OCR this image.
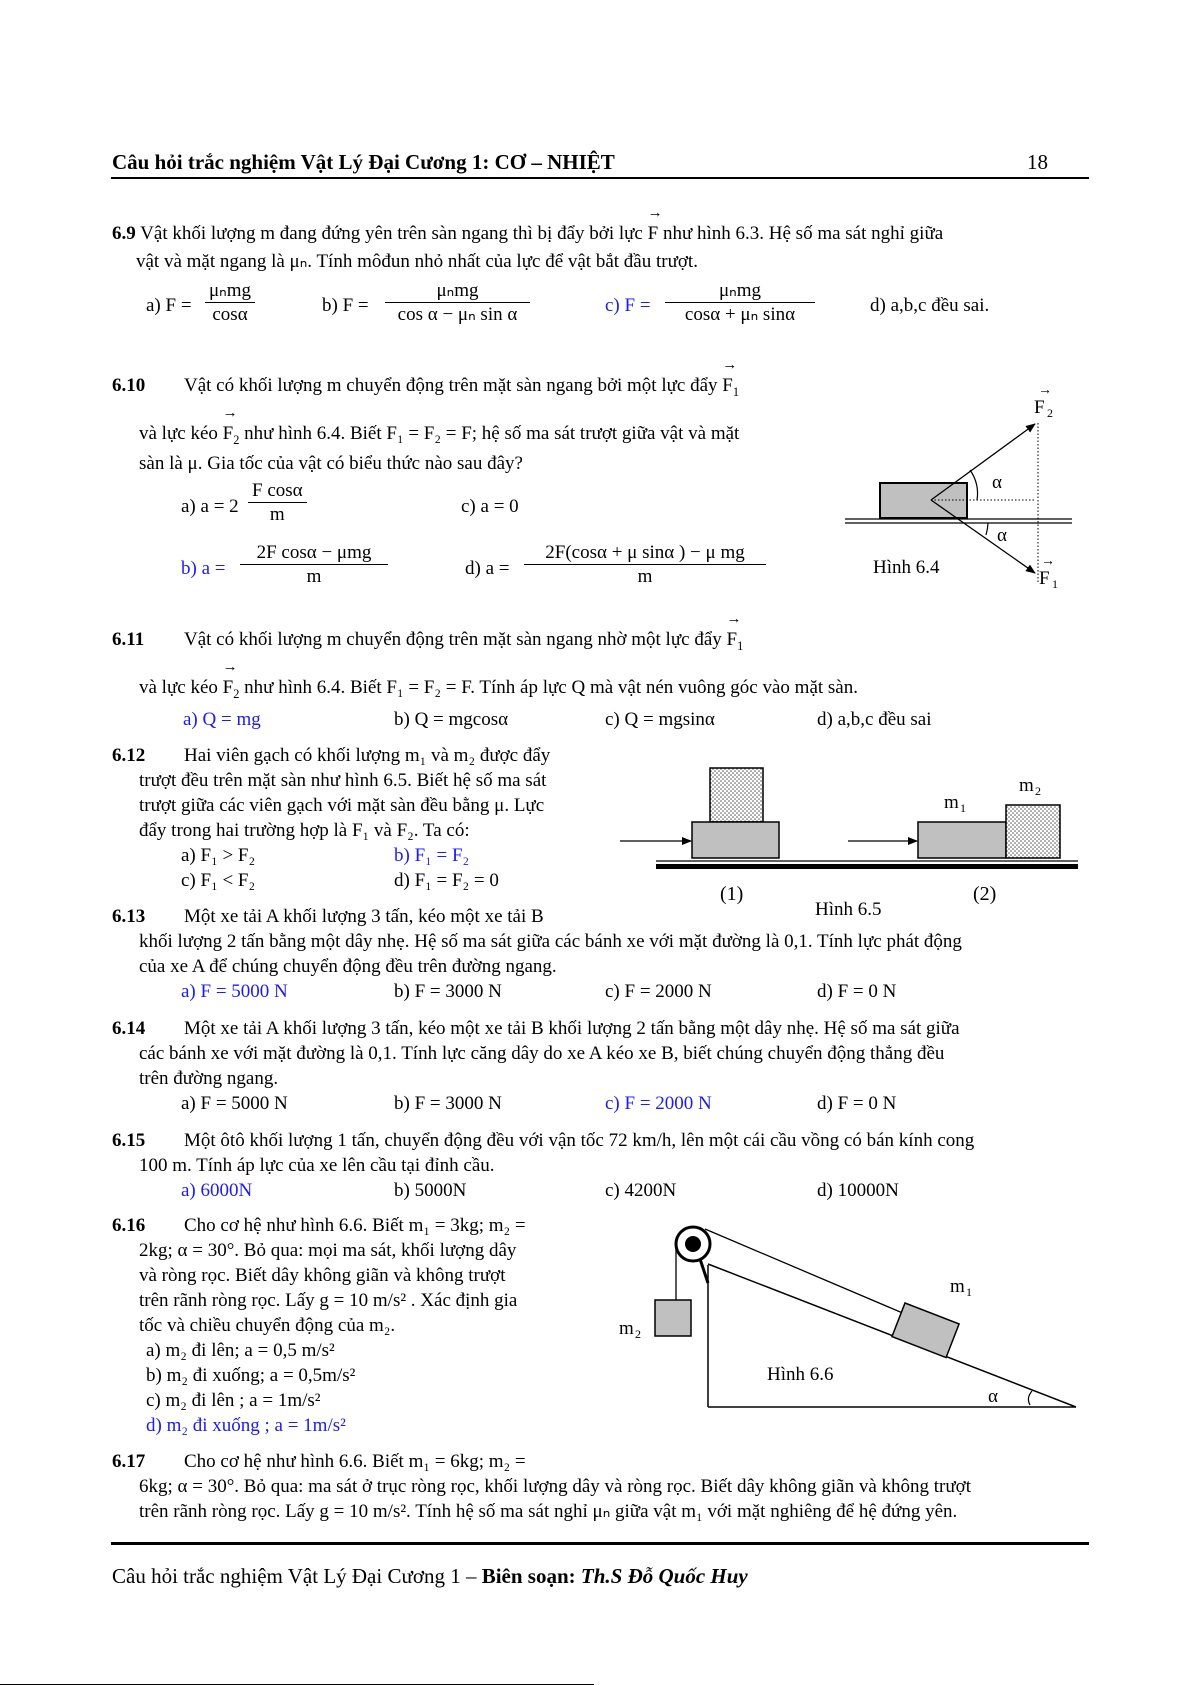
Câu hỏi trắc nghiệm Vật Lý Đại Cương 1: CƠ – NHIỆT	18
6.9 Vật khối lượng m đang đứng yên trên sàn ngang thì bị đẩy bởi lực → F như hình 6.3. Hệ số ma sát nghỉ giữa
vật và mặt ngang là μₙ. Tính môđun nhỏ nhất của lực để vật bắt đầu trượt.
a) F =
μₙmg
cosα	b) F =
μₙmg
cos α − μₙ sin α	c) F =
μₙmg
cosα + μₙ sinα	d) a,b,c đều sai.
6.10 Vật có khối lượng m chuyển động trên mặt sàn ngang bởi một lực đẩy → $F_1$
và lực kéo → $F_2$ như hình 6.4. Biết F₁ = F₂ = F; hệ số ma sát trượt giữa vật và mặt
sàn là μ. Gia tốc của vật có biểu thức nào sau đây?
a) a = 2
F cosα
m	c) a = 0
b) a =
2F cosα − μmg
m	d) a =
2F(cosα + μ sinα ) − μ mg
m
α
α
F 2
→
F 1
→
Hình 6.4
6.11 Vật có khối lượng m chuyển động trên mặt sàn ngang nhờ một lực đẩy → $F_1$
và lực kéo → $F_2$ như hình 6.4. Biết F₁ = F₂ = F. Tính áp lực Q mà vật nén vuông góc vào mặt sàn.
a) Q = mg	b) Q = mgcosα	c) Q = mgsinα	d) a,b,c đều sai
6.12 Hai viên gạch có khối lượng m₁ và m₂ được đẩy
trượt đều trên mặt sàn như hình 6.5. Biết hệ số ma sát
trượt giữa các viên gạch với mặt sàn đều bằng μ. Lực
đẩy trong hai trường hợp là F₁ và F₂. Ta có:
a) F₁ > F₂	b) F₁ = F₂
c) F₁ < F₂	d) F₁ = F₂ = 0
m 1
m 2
(1)	(2)
Hình 6.5
6.13 Một xe tải A khối lượng 3 tấn, kéo một xe tải B
khối lượng 2 tấn bằng một dây nhẹ. Hệ số ma sát giữa các bánh xe với mặt đường là 0,1. Tính lực phát động
của xe A để chúng chuyển động đều trên đường ngang.
a) F = 5000 N	b) F = 3000 N	c) F = 2000 N	d) F = 0 N
6.14 Một xe tải A khối lượng 3 tấn, kéo một xe tải B khối lượng 2 tấn bằng một dây nhẹ. Hệ số ma sát giữa
các bánh xe với mặt đường là 0,1. Tính lực căng dây do xe A kéo xe B, biết chúng chuyển động thẳng đều
trên đường ngang.
a) F = 5000 N	b) F = 3000 N	c) F = 2000 N	d) F = 0 N
6.15 Một ôtô khối lượng 1 tấn, chuyển động đều với vận tốc 72 km/h, lên một cái cầu vồng có bán kính cong
100 m. Tính áp lực của xe lên cầu tại đỉnh cầu.
a) 6000N	b) 5000N	c) 4200N	d) 10000N
6.16 Cho cơ hệ như hình 6.6. Biết m₁ = 3kg; m₂ =
2kg; α = 30°. Bỏ qua: mọi ma sát, khối lượng dây
và ròng rọc. Biết dây không giãn và không trượt
trên rãnh ròng rọc. Lấy g = 10 m/s² . Xác định gia
tốc và chiều chuyển động của m₂.
a) m₂ đi lên; a = 0,5 m/s²
b) m₂ đi xuống; a = 0,5m/s²
c) m₂ đi lên ; a = 1m/s²
d) m₂ đi xuống ; a = 1m/s²
m 1
m 2
Hình 6.6
α
6.17 Cho cơ hệ như hình 6.6. Biết m₁ = 6kg; m₂ =
6kg; α = 30°. Bỏ qua: ma sát ở trục ròng rọc, khối lượng dây và ròng rọc. Biết dây không giãn và không trượt
trên rãnh ròng rọc. Lấy g = 10 m/s². Tính hệ số ma sát nghỉ μₙ giữa vật m₁ với mặt nghiêng để hệ đứng yên.
Câu hỏi trắc nghiệm Vật Lý Đại Cương 1 – Biên soạn: Th.S Đỗ Quốc Huy
